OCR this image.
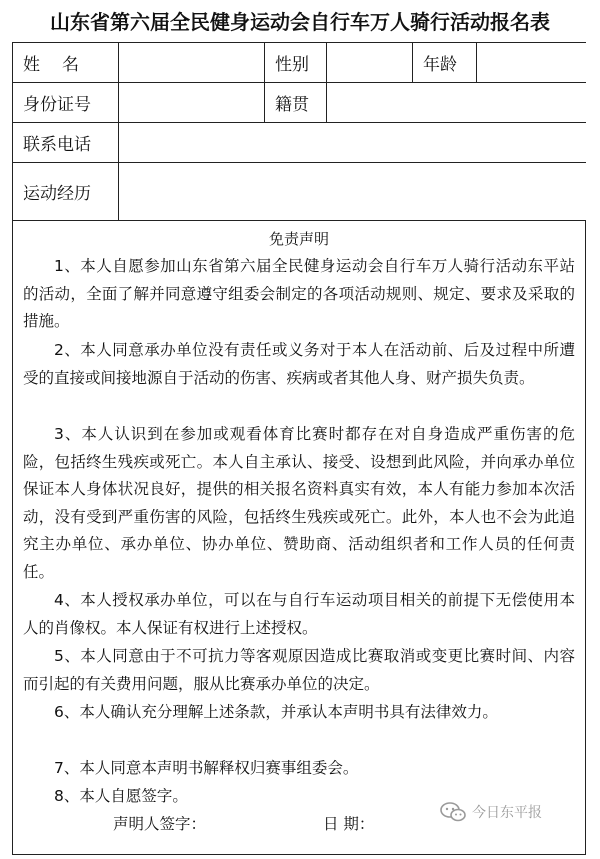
山东省第六届全民健身运动会自行车万人骑行活动报名表
姓名	性别	年龄
身份证号	籍贯
联系电话
运动经历
免责声明

1、本人自愿参加山东省第六届全民健身运动会自行车万人骑行活动东平站的活动，全面了解并同意遵守组委会制定的各项活动规则、规定、要求及采取的措施。

2、本人同意承办单位没有责任或义务对于本人在活动前、后及过程中所遭受的直接或间接地源自于活动的伤害、疾病或者其他人身、财产损失负责。

3、本人认识到在参加或观看体育比赛时都存在对自身造成严重伤害的危险，包括终生残疾或死亡。本人自主承认、接受、设想到此风险，并向承办单位保证本人身体状况良好，提供的相关报名资料真实有效，本人有能力参加本次活动，没有受到严重伤害的风险，包括终生残疾或死亡。此外，本人也不会为此追究主办单位、承办单位、协办单位、赞助商、活动组织者和工作人员的任何责任。

4、本人授权承办单位，可以在与自行车运动项目相关的前提下无偿使用本人的肖像权。本人保证有权进行上述授权。

5、本人同意由于不可抗力等客观原因造成比赛取消或变更比赛时间、内容而引起的有关费用问题，服从比赛承办单位的决定。

6、本人确认充分理解上述条款，并承认本声明书具有法律效力。

7、本人同意本声明书解释权归赛事组委会。

8、本人自愿签字。

声明人签字：	日 期：
今日东平报
